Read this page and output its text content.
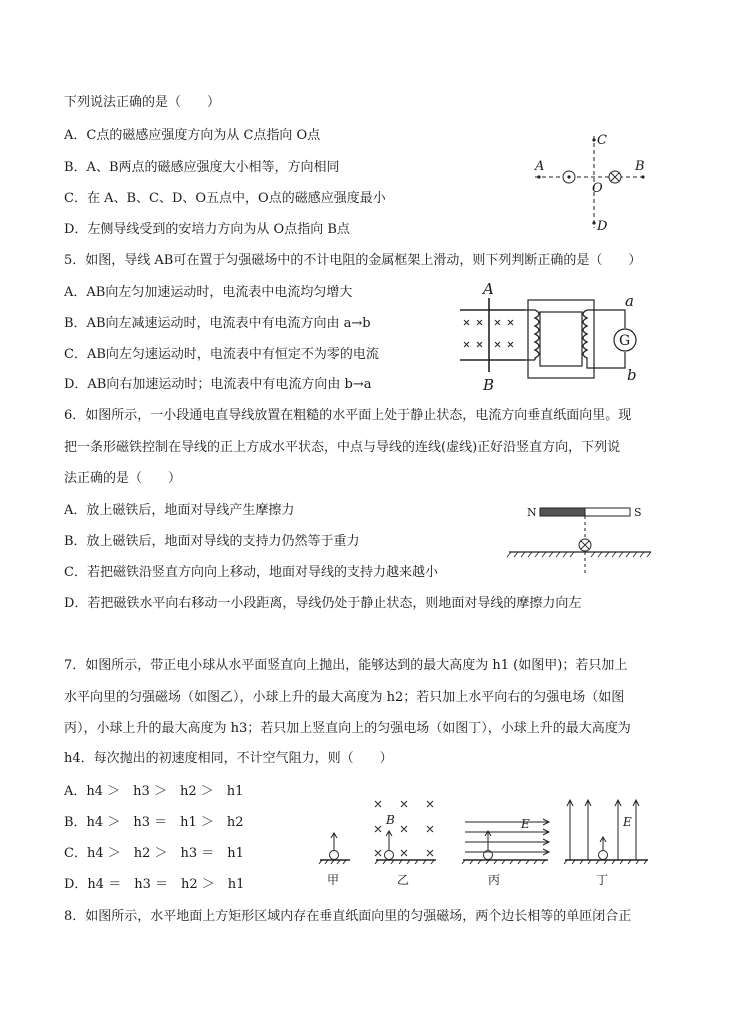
下列说法正确的是（　　）
A．C点的磁感应强度方向为从 C点指向 O点
B．A、B两点的磁感应强度大小相等，方向相同
C．在 A、B、C、D、O五点中，O点的磁感应强度最小
D．左侧导线受到的安培力方向为从 O点指向 B点
A	B
C
D
O
5．如图，导线 AB可在置于匀强磁场中的不计电阻的金属框架上滑动，则下列判断正确的是（　　）
A．AB向左匀加速运动时，电流表中电流均匀增大
B．AB向左减速运动时，电流表中有电流方向由 a→b
C．AB向左匀速运动时，电流表中有恒定不为零的电流
D．AB向右加速运动时；电流表中有电流方向由 b→a
G
A
B
a
b
6．如图所示，一小段通电直导线放置在粗糙的水平面上处于静止状态，电流方向垂直纸面向里。现
把一条形磁铁控制在导线的正上方成水平状态，中点与导线的连线(虚线)正好沿竖直方向，下列说
法正确的是（　　）
A．放上磁铁后，地面对导线产生摩擦力
B．放上磁铁后，地面对导线的支持力仍然等于重力
C．若把磁铁沿竖直方向向上移动，地面对导线的支持力越来越小
D．若把磁铁水平向右移动一小段距离，导线仍处于静止状态，则地面对导线的摩擦力向左
N	S
7．如图所示，带正电小球从水平面竖直向上抛出，能够达到的最大高度为 h1 (如图甲)；若只加上
水平向里的匀强磁场（如图乙），小球上升的最大高度为 h2；若只加上水平向右的匀强电场（如图
丙），小球上升的最大高度为 h3；若只加上竖直向上的匀强电场（如图丁），小球上升的最大高度为
h4．每次抛出的初速度相同，不计空气阻力，则（　　）
A．h4 ＞　h3 ＞　h2 ＞　h1
B．h4 ＞　h3 ＝　h1 ＞　h2
C．h4 ＞　h2 ＞　h3 ＝　h1
D．h4 ＝　h3 ＝　h2 ＞　h1
B	E	E
甲	乙	丙	丁
8．如图所示，水平地面上方矩形区域内存在垂直纸面向里的匀强磁场，两个边长相等的单匝闭合正
